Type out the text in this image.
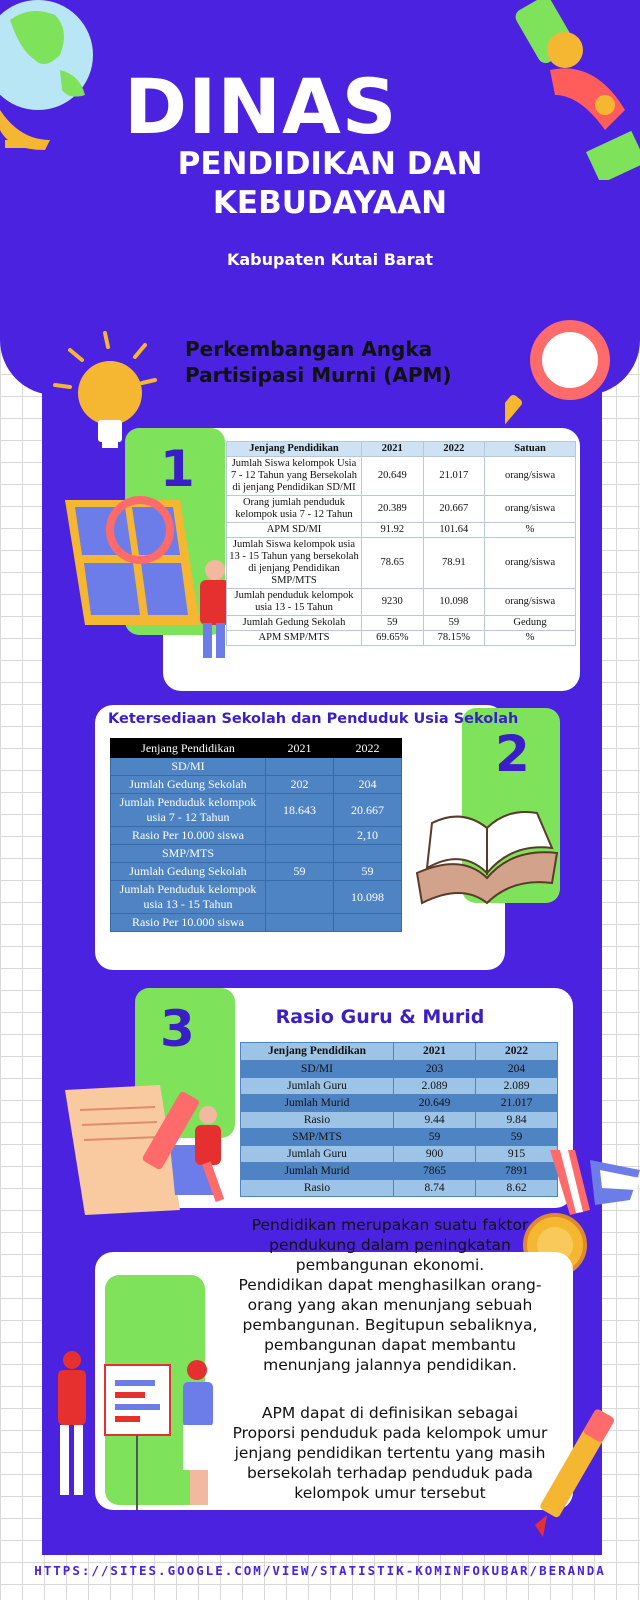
DINAS
PENDIDIKAN DAN
KEBUDAYAAN
Kabupaten Kutai Barat
Perkembangan Angka
Partisipasi Murni (APM)
1	Jenjang Pendidikan	2021	2022	Satuan
Jumlah Siswa kelompok Usia 7 - 12 Tahun yang Bersekolah di jenjang Pendidikan SD/MI	20.649	21.017	orang/siswa
Orang jumlah penduduk kelompok usia 7 - 12 Tahun	20.389	20.667	orang/siswa
APM SD/MI	91.92	101.64	%
Jumlah Siswa kelompok usia 13 - 15 Tahun yang bersekolah di jenjang Pendidikan SMP/MTS	78.65	78.91	orang/siswa
Jumlah penduduk kelompok usia 13 - 15 Tahun	9230	10.098	orang/siswa
Jumlah Gedung Sekolah	59	59	Gedung
APM SMP/MTS	69.65%	78.15%	%
2
Ketersediaan Sekolah dan Penduduk Usia Sekolah
Jenjang Pendidikan	2021	2022
SD/MI		
Jumlah Gedung Sekolah	202	204
Jumlah Penduduk kelompok usia 7 - 12 Tahun	18.643	20.667
Rasio Per 10.000 siswa		2,10
SMP/MTS		
Jumlah Gedung Sekolah	59	59
Jumlah Penduduk kelompok usia 13 - 15 Tahun		10.098
Rasio Per 10.000 siswa		
3	Rasio Guru & Murid
Jenjang Pendidikan	2021	2022
SD/MI	203	204
Jumlah Guru	2.089	2.089
Jumlah Murid	20.649	21.017
Rasio	9.44	9.84
SMP/MTS	59	59
Jumlah Guru	900	915
Jumlah Murid	7865	7891
Rasio	8.74	8.62
Pendidikan merupakan suatu faktor
pendukung dalam peningkatan
pembangunan ekonomi.
Pendidikan dapat menghasilkan orang-
orang yang akan menunjang sebuah
pembangunan. Begitupun sebaliknya,
pembangunan dapat membantu
menunjang jalannya pendidikan.
APM dapat di definisikan sebagai
Proporsi penduduk pada kelompok umur
jenjang pendidikan tertentu yang masih
bersekolah terhadap penduduk pada
kelompok umur tersebut
HTTPS://SITES.GOOGLE.COM/VIEW/STATISTIK-KOMINFOKUBAR/BERANDA
